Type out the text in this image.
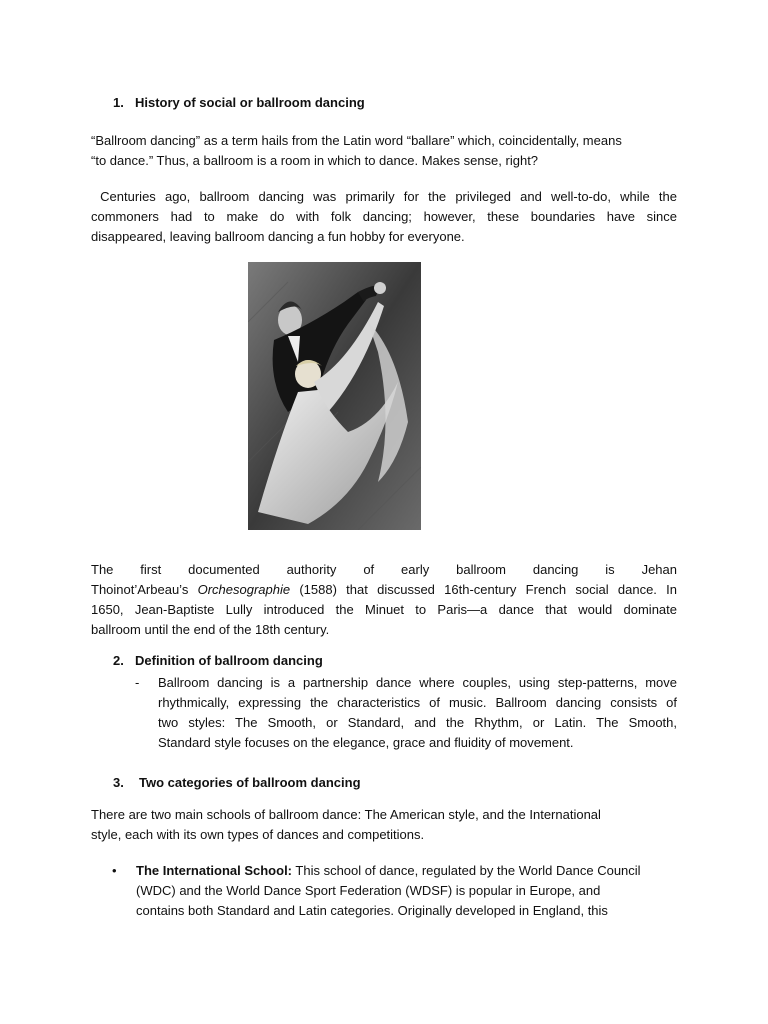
1. History of social or ballroom dancing
“Ballroom dancing” as a term hails from the Latin word “ballare” which, coincidentally, means
“to dance.” Thus, a ballroom is a room in which to dance. Makes sense, right?
Centuries ago, ballroom dancing was primarily for the privileged and well-to-do, while the
commoners had to make do with folk dancing; however, these boundaries have since
disappeared, leaving ballroom dancing a fun hobby for everyone.
The first documented authority of early ballroom dancing is Jehan
Thoinot’Arbeau’s Orchesographie (1588) that discussed 16th-century French social dance. In
1650, Jean-Baptiste Lully introduced the Minuet to Paris—a dance that would dominate
ballroom until the end of the 18th century.
2. Definition of ballroom dancing
- Ballroom dancing is a partnership dance where couples, using step-patterns, move
rhythmically, expressing the characteristics of music. Ballroom dancing consists of
two styles: The Smooth, or Standard, and the Rhythm, or Latin. The Smooth,
Standard style focuses on the elegance, grace and fluidity of movement.
3. Two categories of ballroom dancing
There are two main schools of ballroom dance: The American style, and the International
style, each with its own types of dances and competitions.
• The International School: This school of dance, regulated by the World Dance Council
(WDC) and the World Dance Sport Federation (WDSF) is popular in Europe, and
contains both Standard and Latin categories. Originally developed in England, this
